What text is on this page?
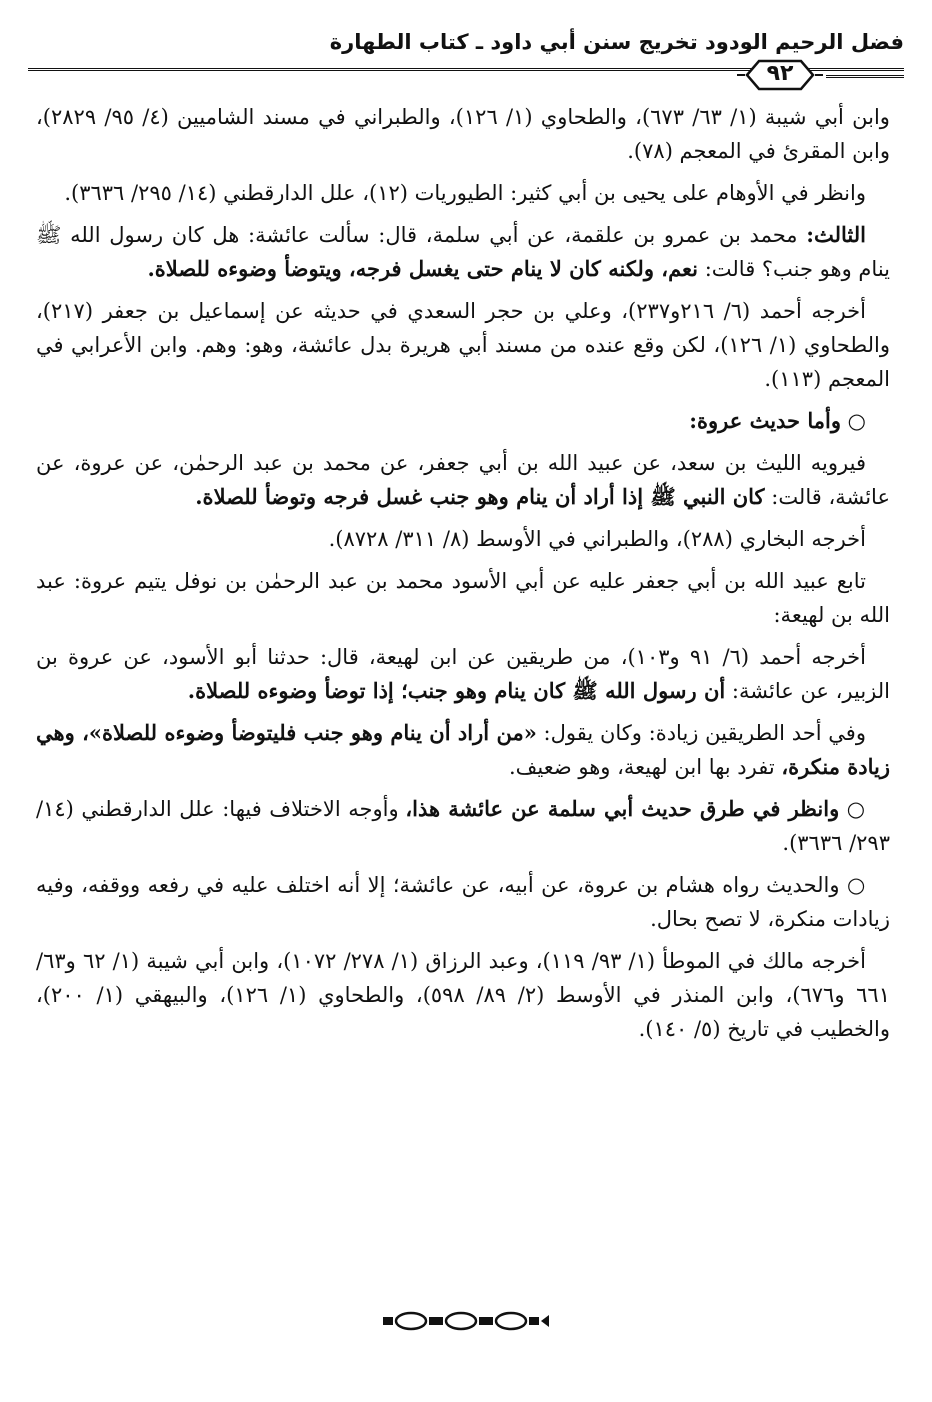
فضل الرحيم الودود تخريج سنن أبي داود ـ كتاب الطهارة
٩٢

وابن أبي شيبة (١/ ٦٣/ ٦٧٣)، والطحاوي (١/ ١٢٦)، والطبراني في مسند الشاميين (٤/ ٩٥/ ٢٨٢٩)، وابن المقرئ في المعجم (٧٨).

وانظر في الأوهام على يحيى بن أبي كثير: الطيوريات (١٢)، علل الدارقطني (١٤/ ٢٩٥/ ٣٦٣٦).

الثالث: محمد بن عمرو بن علقمة، عن أبي سلمة، قال: سألت عائشة: هل كان رسول الله ﷺ ينام وهو جنب؟ قالت: نعم، ولكنه كان لا ينام حتى يغسل فرجه، ويتوضأ وضوءه للصلاة.

أخرجه أحمد (٦/ ٢١٦و٢٣٧)، وعلي بن حجر السعدي في حديثه عن إسماعيل بن جعفر (٢١٧)، والطحاوي (١/ ١٢٦)، لكن وقع عنده من مسند أبي هريرة بدل عائشة، وهو: وهم. وابن الأعرابي في المعجم (١١٣).

○ وأما حديث عروة:

فيرويه الليث بن سعد، عن عبيد الله بن أبي جعفر، عن محمد بن عبد الرحمٰن، عن عروة، عن عائشة، قالت: كان النبي ﷺ إذا أراد أن ينام وهو جنب غسل فرجه وتوضأ للصلاة.

أخرجه البخاري (٢٨٨)، والطبراني في الأوسط (٨/ ٣١١/ ٨٧٢٨).

تابع عبيد الله بن أبي جعفر عليه عن أبي الأسود محمد بن عبد الرحمٰن بن نوفل يتيم عروة: عبد الله بن لهيعة:

أخرجه أحمد (٦/ ٩١ و١٠٣)، من طريقين عن ابن لهيعة، قال: حدثنا أبو الأسود، عن عروة بن الزبير، عن عائشة: أن رسول الله ﷺ كان ينام وهو جنب؛ إذا توضأ وضوءه للصلاة.

وفي أحد الطريقين زيادة: وكان يقول: «من أراد أن ينام وهو جنب فليتوضأ وضوءه للصلاة»، وهي زيادة منكرة، تفرد بها ابن لهيعة، وهو ضعيف.

○ وانظر في طرق حديث أبي سلمة عن عائشة هذا، وأوجه الاختلاف فيها: علل الدارقطني (١٤/ ٢٩٣/ ٣٦٣٦).

○ والحديث رواه هشام بن عروة، عن أبيه، عن عائشة؛ إلا أنه اختلف عليه في رفعه ووقفه، وفيه زيادات منكرة، لا تصح بحال.

أخرجه مالك في الموطأ (١/ ٩٣/ ١١٩)، وعبد الرزاق (١/ ٢٧٨/ ١٠٧٢)، وابن أبي شيبة (١/ ٦٢ و٦٣/ ٦٦١ و٦٧٦)، وابن المنذر في الأوسط (٢/ ٨٩/ ٥٩٨)، والطحاوي (١/ ١٢٦)، والبيهقي (١/ ٢٠٠)، والخطيب في تاريخ (٥/ ١٤٠).
